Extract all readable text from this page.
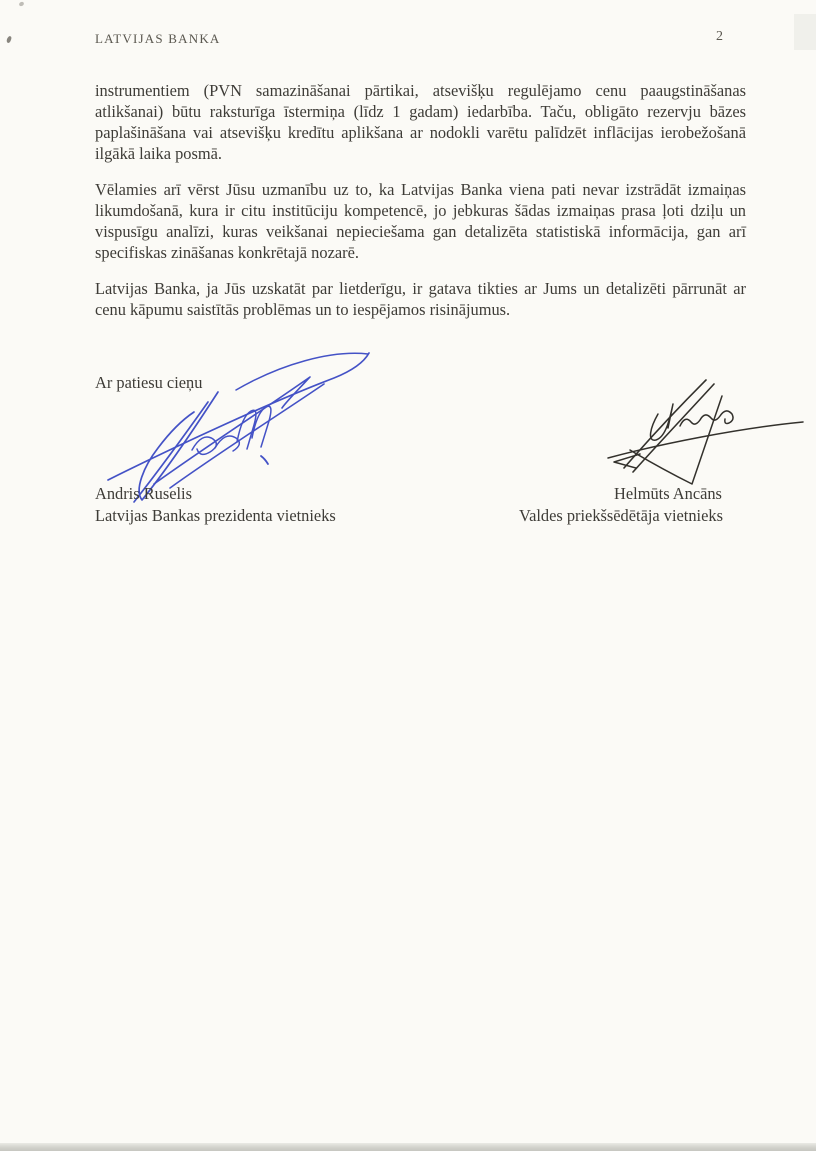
LATVIJAS BANKA	2

instrumentiem (PVN samazināšanai pārtikai, atsevišķu regulējamo cenu paaugstināšanas atlikšanai) būtu raksturīga īstermiņa (līdz 1 gadam) iedarbība. Taču, obligāto rezervju bāzes paplašināšana vai atsevišķu kredītu aplikšana ar nodokli varētu palīdzēt inflācijas ierobežošanā ilgākā laika posmā.

Vēlamies arī vērst Jūsu uzmanību uz to, ka Latvijas Banka viena pati nevar izstrādāt izmaiņas likumdošanā, kura ir citu institūciju kompetencē, jo jebkuras šādas izmaiņas prasa ļoti dziļu un vispusīgu analīzi, kuras veikšanai nepieciešama gan detalizēta statistiskā informācija, gan arī specifiskas zināšanas konkrētajā nozarē.

Latvijas Banka, ja Jūs uzskatāt par lietderīgu, ir gatava tikties ar Jums un detalizēti pārrunāt ar cenu kāpumu saistītās problēmas un to iespējamos risinājumus.

Ar patiesu cieņu
Andris Ruselis
Latvijas Bankas prezidenta vietnieks
Helmūts Ancāns
Valdes priekšsēdētāja vietnieks
